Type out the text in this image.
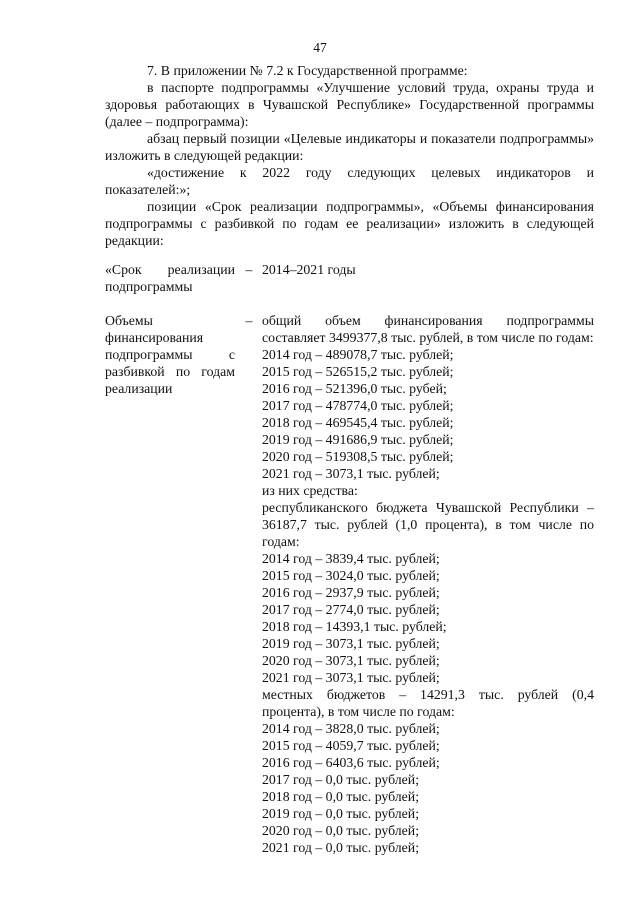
47

7. В приложении № 7.2 к Государственной программе:

в паспорте подпрограммы «Улучшение условий труда, охраны труда и здоровья работающих в Чувашской Республике» Государственной программы (далее – подпрограмма):

абзац первый позиции «Целевые индикаторы и показатели подпрограммы» изложить в следующей редакции:

«достижение к 2022 году следующих целевых индикаторов и показателей:»;

позиции «Срок реализации подпрограммы», «Объемы финансирования подпрограммы с разбивкой по годам ее реализации» изложить в следующей редакции:

«Срок реализации подпрограммы
– 2014–2021 годы
Объемы финансирования подпрограммы с разбивкой по годам реализации
– общий объем финансирования подпрограммы составляет 3499377,8 тыс. рублей, в том числе по годам:
2014 год – 489078,7 тыс. рублей;
2015 год – 526515,2 тыс. рублей;
2016 год – 521396,0 тыс. рубей;
2017 год – 478774,0 тыс. рублей;
2018 год – 469545,4 тыс. рублей;
2019 год – 491686,9 тыс. рублей;
2020 год – 519308,5 тыс. рублей;
2021 год – 3073,1 тыс. рублей;
из них средства:
республиканского бюджета Чувашской Республики – 36187,7 тыс. рублей (1,0 процента), в том числе по годам:
2014 год – 3839,4 тыс. рублей;
2015 год – 3024,0 тыс. рублей;
2016 год – 2937,9 тыс. рублей;
2017 год – 2774,0 тыс. рублей;
2018 год – 14393,1 тыс. рублей;
2019 год – 3073,1 тыс. рублей;
2020 год – 3073,1 тыс. рублей;
2021 год – 3073,1 тыс. рублей;
местных бюджетов – 14291,3 тыс. рублей (0,4 процента), в том числе по годам:
2014 год – 3828,0 тыс. рублей;
2015 год – 4059,7 тыс. рублей;
2016 год – 6403,6 тыс. рублей;
2017 год – 0,0 тыс. рублей;
2018 год – 0,0 тыс. рублей;
2019 год – 0,0 тыс. рублей;
2020 год – 0,0 тыс. рублей;
2021 год – 0,0 тыс. рублей;
